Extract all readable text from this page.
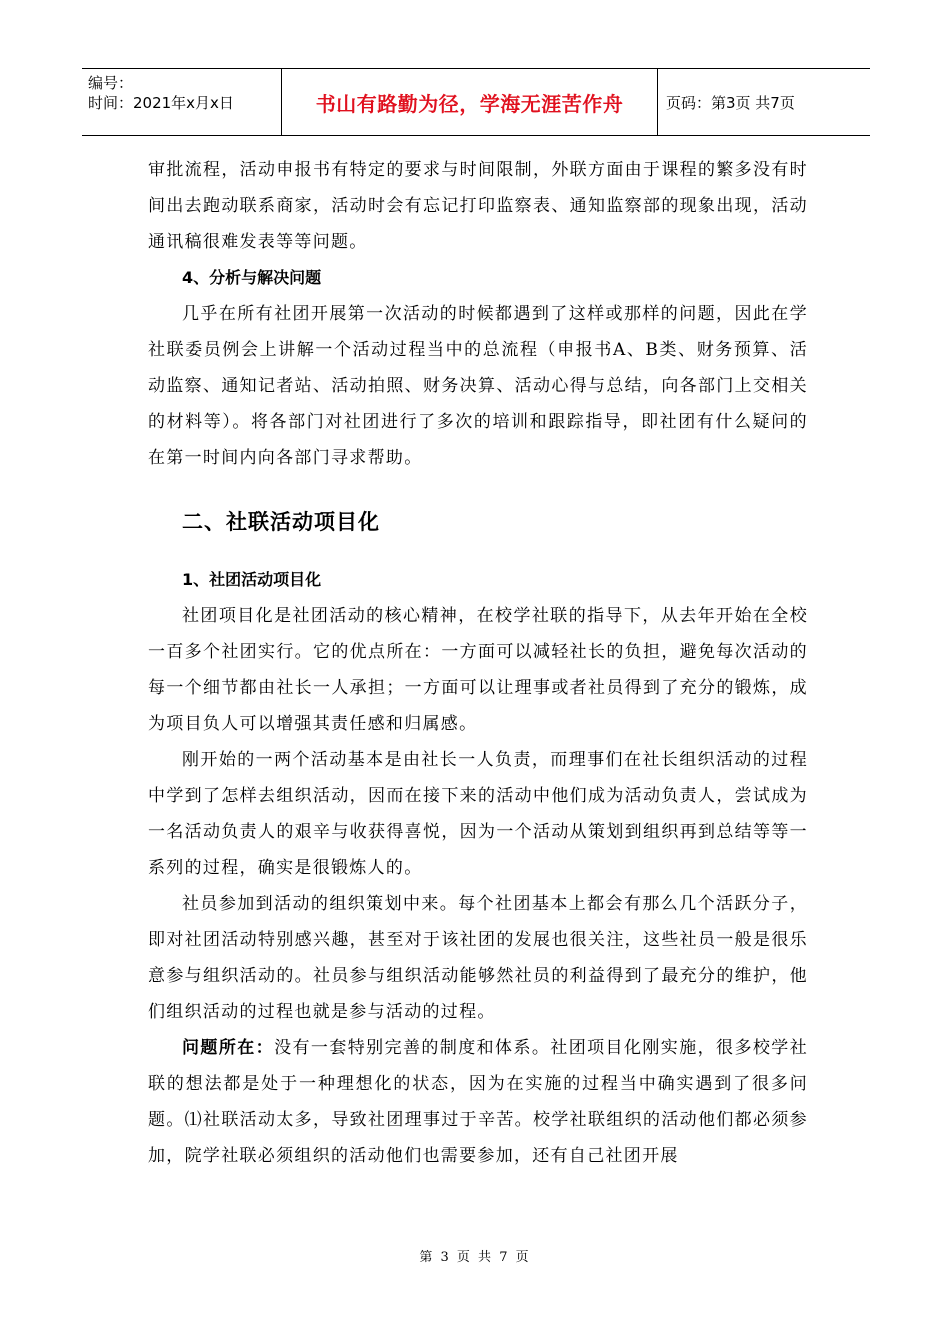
编号：
时间：2021年x月x日	书山有路勤为径，学海无涯苦作舟	页码：第3页 共7页

审批流程，活动申报书有特定的要求与时间限制，外联方面由于课程的繁多没有时间出去跑动联系商家，活动时会有忘记打印监察表、通知监察部的现象出现，活动通讯稿很难发表等等问题。

4、分析与解决问题

几乎在所有社团开展第一次活动的时候都遇到了这样或那样的问题，因此在学社联委员例会上讲解一个活动过程当中的总流程（申报书A、B类、财务预算、活动监察、通知记者站、活动拍照、财务决算、活动心得与总结，向各部门上交相关的材料等）。将各部门对社团进行了多次的培训和跟踪指导，即社团有什么疑问的在第一时间内向各部门寻求帮助。

二、社联活动项目化

1、社团活动项目化

社团项目化是社团活动的核心精神，在校学社联的指导下，从去年开始在全校一百多个社团实行。它的优点所在：一方面可以减轻社长的负担，避免每次活动的每一个细节都由社长一人承担；一方面可以让理事或者社员得到了充分的锻炼，成为项目负人可以增强其责任感和归属感。

刚开始的一两个活动基本是由社长一人负责，而理事们在社长组织活动的过程中学到了怎样去组织活动，因而在接下来的活动中他们成为活动负责人，尝试成为一名活动负责人的艰辛与收获得喜悦，因为一个活动从策划到组织再到总结等等一系列的过程，确实是很锻炼人的。

社员参加到活动的组织策划中来。每个社团基本上都会有那么几个活跃分子，即对社团活动特别感兴趣，甚至对于该社团的发展也很关注，这些社员一般是很乐意参与组织活动的。社员参与组织活动能够然社员的利益得到了最充分的维护，他们组织活动的过程也就是参与活动的过程。

问题所在：没有一套特别完善的制度和体系。社团项目化刚实施，很多校学社联的想法都是处于一种理想化的状态，因为在实施的过程当中确实遇到了很多问题。⑴社联活动太多，导致社团理事过于辛苦。校学社联组织的活动他们都必须参加，院学社联必须组织的活动他们也需要参加，还有自己社团开展

第 3 页 共 7 页
